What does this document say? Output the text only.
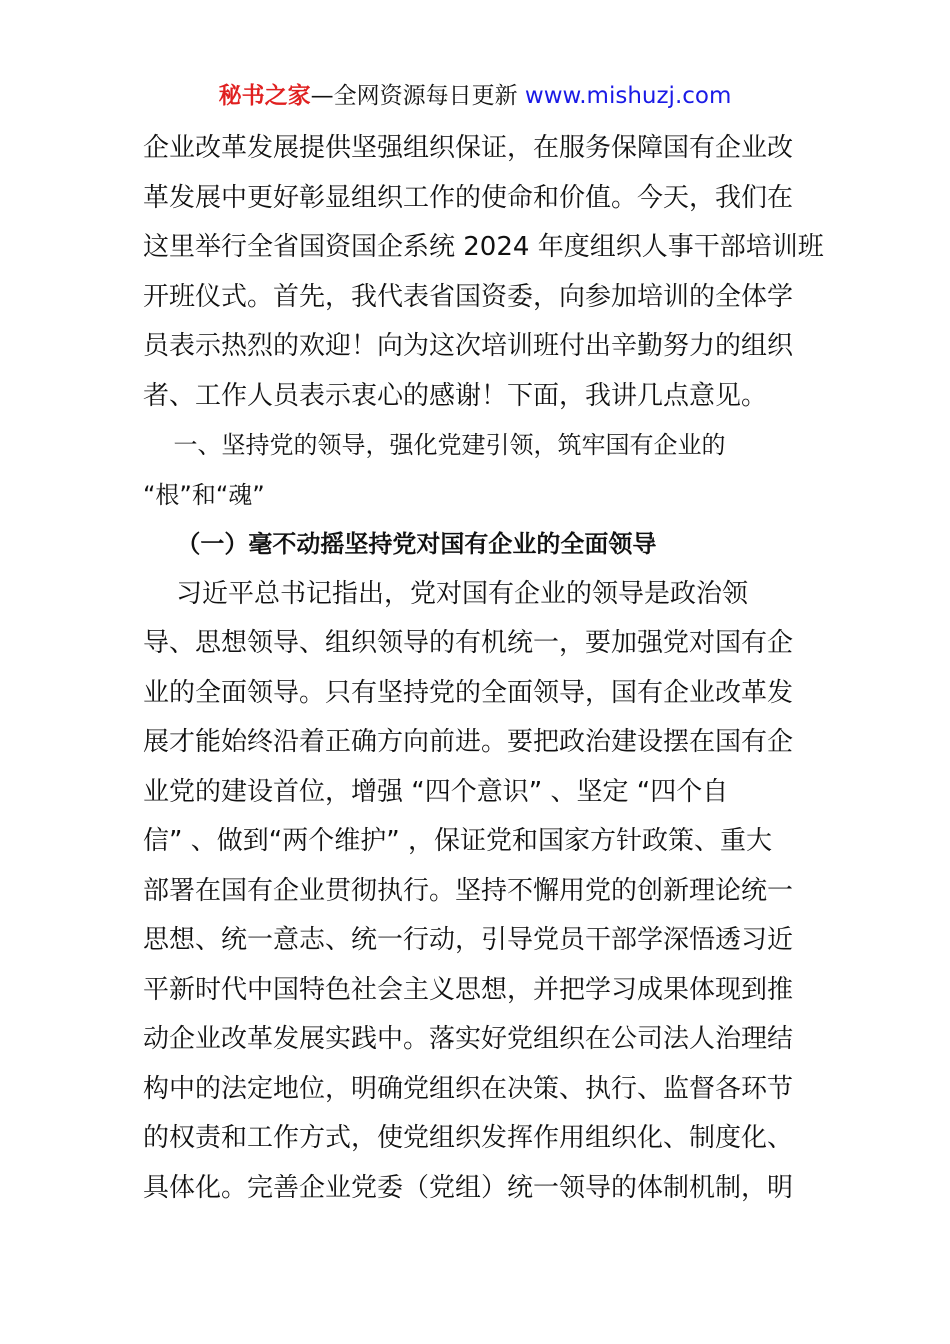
秘书之家—全网资源每日更新 www.mishuzj.com
企业改革发展提供坚强组织保证，在服务保障国有企业改
革发展中更好彰显组织工作的使命和价值。今天，我们在
这里举行全省国资国企系统 2024 年度组织人事干部培训班
开班仪式。首先，我代表省国资委，向参加培训的全体学
员表示热烈的欢迎！向为这次培训班付出辛勤努力的组织
者、工作人员表示衷心的感谢！下面，我讲几点意见。
一、坚持党的领导，强化党建引领，筑牢国有企业的
“根”和“魂”
（一）毫不动摇坚持党对国有企业的全面领导
习近平总书记指出，党对国有企业的领导是政治领
导、思想领导、组织领导的有机统一，要加强党对国有企
业的全面领导。只有坚持党的全面领导，国有企业改革发
展才能始终沿着正确方向前进。要把政治建设摆在国有企
业党的建设首位，增强 “四个意识” 、坚定 “四个自
信” 、做到“两个维护” ，保证党和国家方针政策、重大
部署在国有企业贯彻执行。坚持不懈用党的创新理论统一
思想、统一意志、统一行动，引导党员干部学深悟透习近
平新时代中国特色社会主义思想，并把学习成果体现到推
动企业改革发展实践中。落实好党组织在公司法人治理结
构中的法定地位，明确党组织在决策、执行、监督各环节
的权责和工作方式，使党组织发挥作用组织化、制度化、
具体化。完善企业党委（党组）统一领导的体制机制，明
